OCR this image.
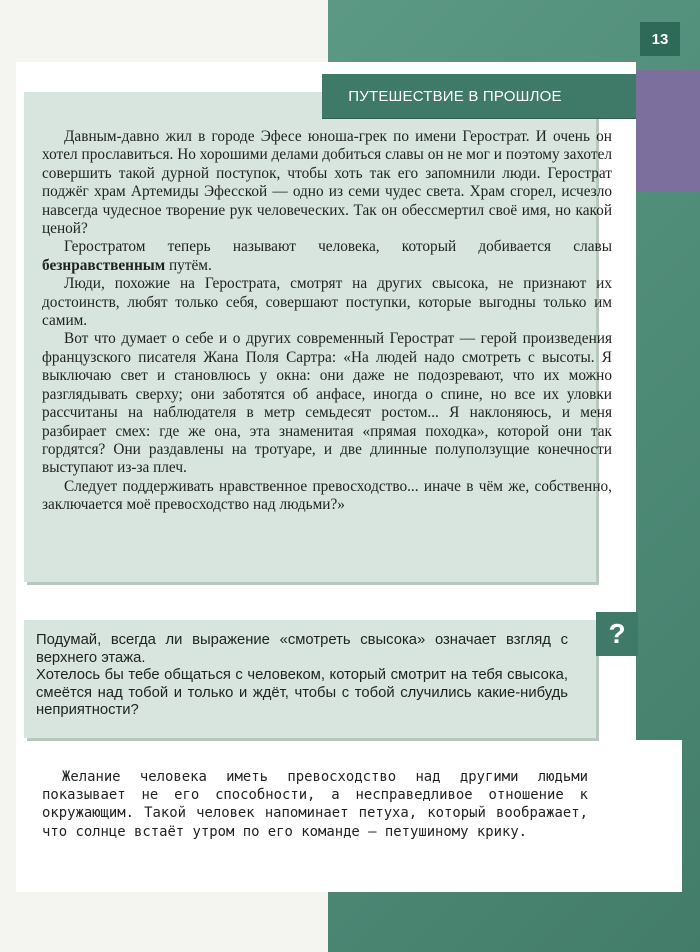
13
ПУТЕШЕСТВИЕ В ПРОШЛОЕ

Давным-давно жил в городе Эфесе юноша-грек по имени Герострат. И очень он хотел прославиться. Но хорошими делами добиться славы он не мог и поэтому захотел совершить такой дурной поступок, чтобы хоть так его запомнили люди. Герострат поджёг храм Артемиды Эфесской — одно из семи чудес света. Храм сгорел, исчезло навсегда чудесное творение рук человеческих. Так он обессмертил своё имя, но какой ценой?

Геростратом теперь называют человека, который добивается славы безнравственным путём.

Люди, похожие на Герострата, смотрят на других свысока, не признают их достоинств, любят только себя, совершают поступки, которые выгодны только им самим.

Вот что думает о себе и о других современный Герострат — герой произведения французского писателя Жана Поля Сартра: «На людей надо смотреть с высоты. Я выключаю свет и становлюсь у окна: они даже не подозревают, что их можно разглядывать сверху; они заботятся об анфасе, иногда о спине, но все их уловки рассчитаны на наблюдателя в метр семьдесят ростом... Я наклоняюсь, и меня разбирает смех: где же она, эта знаменитая «прямая походка», которой они так гордятся? Они раздавлены на тротуаре, и две длинные полуползущие конечности выступают из-за плеч.

Следует поддерживать нравственное превосходство... иначе в чём же, собственно, заключается моё превосходство над людьми?»

?

Подумай, всегда ли выражение «смотреть свысока» означает взгляд с верхнего этажа.

Хотелось бы тебе общаться с человеком, который смотрит на тебя свысока, смеётся над тобой и только и ждёт, чтобы с тобой случились какие-нибудь неприятности?

Желание человека иметь превосходство над другими людьми показывает не его способности, а несправедливое отношение к окружающим. Такой человек напоминает петуха, который воображает, что солнце встаёт утром по его команде — петушиному крику.
